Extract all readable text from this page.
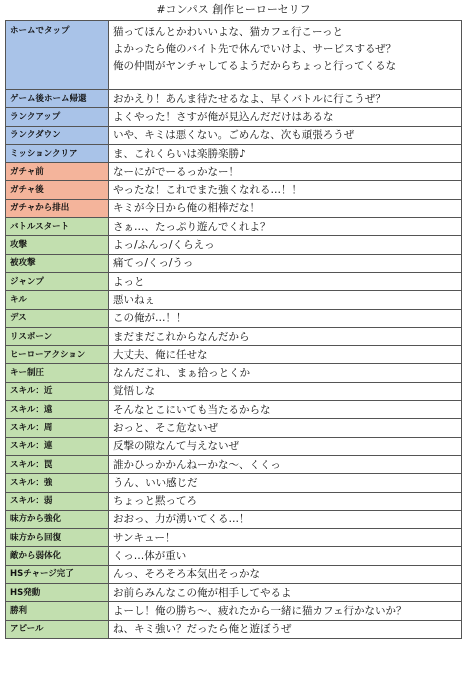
#コンパス 創作ヒーローセリフ
ホームでタップ	猫ってほんとかわいいよな、猫カフェ行こーっと
よかったら俺のバイト先で休んでいけよ、サービスするぜ？
俺の仲間がヤンチャしてるようだからちょっと行ってくるな

ゲーム後ホーム帰還	おかえり！あんま待たせるなよ、早くバトルに行こうぜ？
ランクアップ	よくやった！さすが俺が見込んだだけはあるな
ランクダウン	いや、キミは悪くない。ごめんな、次も頑張ろうぜ
ミッションクリア	ま、これくらいは楽勝楽勝♪
ガチャ前	なーにがでーるっかなー！
ガチャ後	やったな！これでまた強くなれる…！！
ガチャから排出	キミが今日から俺の相棒だな！
バトルスタート	さぁ…、たっぷり遊んでくれよ？
攻撃	よっ/ふんっ/くらえっ
被攻撃	痛てっ/くっ/うっ
ジャンプ	よっと
キル	悪いねぇ
デス	この俺が…！！
リスポーン	まだまだこれからなんだから
ヒーローアクション	大丈夫、俺に任せな
キー制圧	なんだこれ、まぁ拾っとくか
スキル：近	覚悟しな
スキル：遠	そんなとこにいても当たるからな
スキル：周	おっと、そこ危ないぜ
スキル：連	反撃の隙なんて与えないぜ
スキル：罠	誰かひっかかんねーかな～、くくっ
スキル：強	うん、いい感じだ
スキル：弱	ちょっと黙ってろ
味方から強化	おおっ、力が湧いてくる…！
味方から回復	サンキュー！
敵から弱体化	くっ…体が重い
HSチャージ完了	んっ、そろそろ本気出そっかな
HS発動	お前らみんなこの俺が相手してやるよ
勝利	よーし！俺の勝ち～、疲れたから一緒に猫カフェ行かないか？
アピール	ね、キミ強い？だったら俺と遊ぼうぜ
